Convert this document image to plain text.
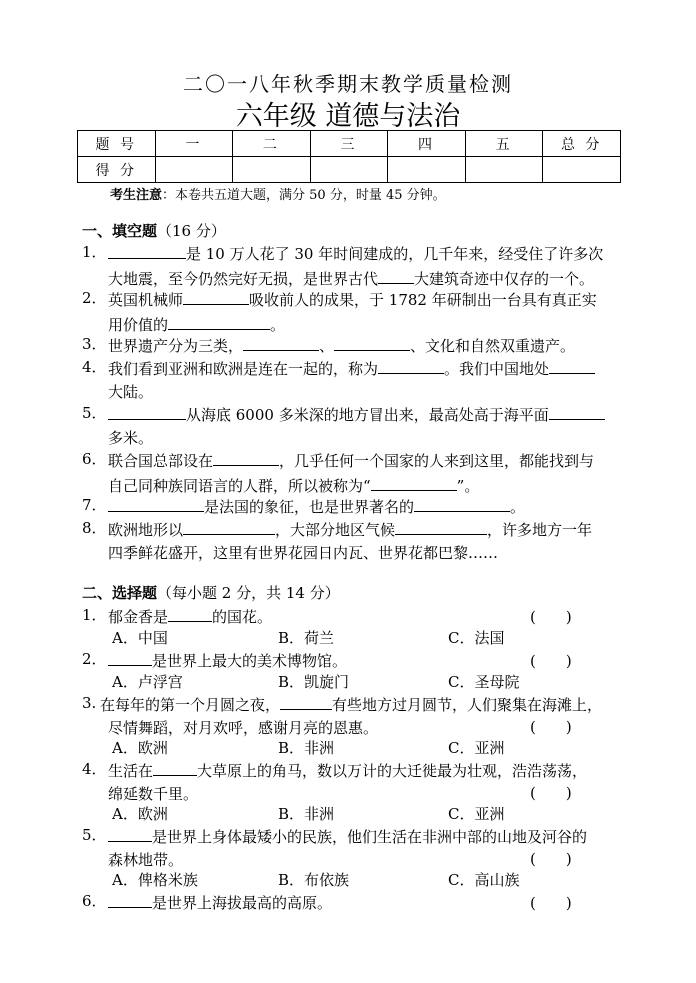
二〇一八年秋季期末教学质量检测
六年级 道德与法治
题 号	一	二	三	四	五	总 分
得 分						
考生注意：本卷共五道大题，满分 50 分，时量 45 分钟。
一、填空题（16 分）
1．	是 10 万人花了 30 年时间建成的，几千年来，经受住了许多次
大地震，至今仍然完好无损，是世界古代 大建筑奇迹中仅存的一个。
2． 英国机械师	吸收前人的成果，于 1782 年研制出一台具有真正实
用价值的	。
3． 世界遗产分为三类，	、	、文化和自然双重遗产。
4． 我们看到亚洲和欧洲是连在一起的，称为	。我们中国地处
大陆。
5．	从海底 6000 多米深的地方冒出来，最高处高于海平面
多米。
6． 联合国总部设在	，几乎任何一个国家的人来到这里，都能找到与
自己同种族同语言的人群，所以被称为“	”。
7．	是法国的象征，也是世界著名的	。
8． 欧洲地形以	，大部分地区气候	，许多地方一年
四季鲜花盛开，这里有世界花园日内瓦、世界花都巴黎……
二、选择题（每小题 2 分，共 14 分）
1． 郁金香是	的国花。	(　　)
A．中国	B．荷兰	C．法国
2．	是世界上最大的美术博物馆。	(　　)
A．卢浮宫	B．凯旋门	C．圣母院
3. 在每年的第一个月圆之夜，	有些地方过月圆节，人们聚集在海滩上，
尽情舞蹈，对月欢呼，感谢月亮的恩惠。	(　　)
A．欧洲	B．非洲	C．亚洲
4． 生活在	大草原上的角马，数以万计的大迁徙最为壮观，浩浩荡荡，
绵延数千里。	(　　)
A．欧洲	B．非洲	C．亚洲
5．	是世界上身体最矮小的民族，他们生活在非洲中部的山地及河谷的
森林地带。	(　　)
A．俾格米族	B．布依族	C．高山族
6．	是世界上海拔最高的高原。	(　　)
